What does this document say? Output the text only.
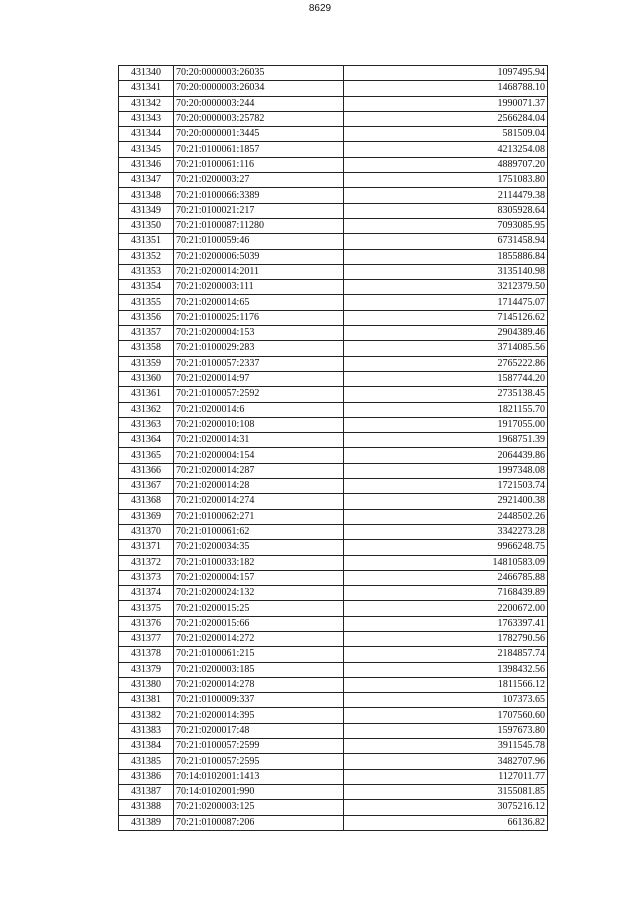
8629
431340	70:20:0000003:26035	1097495.94
431341	70:20:0000003:26034	1468788.10
431342	70:20:0000003:244	1990071.37
431343	70:20:0000003:25782	2566284.04
431344	70:20:0000001:3445	581509.04
431345	70:21:0100061:1857	4213254.08
431346	70:21:0100061:116	4889707.20
431347	70:21:0200003:27	1751083.80
431348	70:21:0100066:3389	2114479.38
431349	70:21:0100021:217	8305928.64
431350	70:21:0100087:11280	7093085.95
431351	70:21:0100059:46	6731458.94
431352	70:21:0200006:5039	1855886.84
431353	70:21:0200014:2011	3135140.98
431354	70:21:0200003:111	3212379.50
431355	70:21:0200014:65	1714475.07
431356	70:21:0100025:1176	7145126.62
431357	70:21:0200004:153	2904389.46
431358	70:21:0100029:283	3714085.56
431359	70:21:0100057:2337	2765222.86
431360	70:21:0200014:97	1587744.20
431361	70:21:0100057:2592	2735138.45
431362	70:21:0200014:6	1821155.70
431363	70:21:0200010:108	1917055.00
431364	70:21:0200014:31	1968751.39
431365	70:21:0200004:154	2064439.86
431366	70:21:0200014:287	1997348.08
431367	70:21:0200014:28	1721503.74
431368	70:21:0200014:274	2921400.38
431369	70:21:0100062:271	2448502.26
431370	70:21:0100061:62	3342273.28
431371	70:21:0200034:35	9966248.75
431372	70:21:0100033:182	14810583.09
431373	70:21:0200004:157	2466785.88
431374	70:21:0200024:132	7168439.89
431375	70:21:0200015:25	2200672.00
431376	70:21:0200015:66	1763397.41
431377	70:21:0200014:272	1782790.56
431378	70:21:0100061:215	2184857.74
431379	70:21:0200003:185	1398432.56
431380	70:21:0200014:278	1811566.12
431381	70:21:0100009:337	107373.65
431382	70:21:0200014:395	1707560.60
431383	70:21:0200017:48	1597673.80
431384	70:21:0100057:2599	3911545.78
431385	70:21:0100057:2595	3482707.96
431386	70:14:0102001:1413	1127011.77
431387	70:14:0102001:990	3155081.85
431388	70:21:0200003:125	3075216.12
431389	70:21:0100087:206	66136.82
